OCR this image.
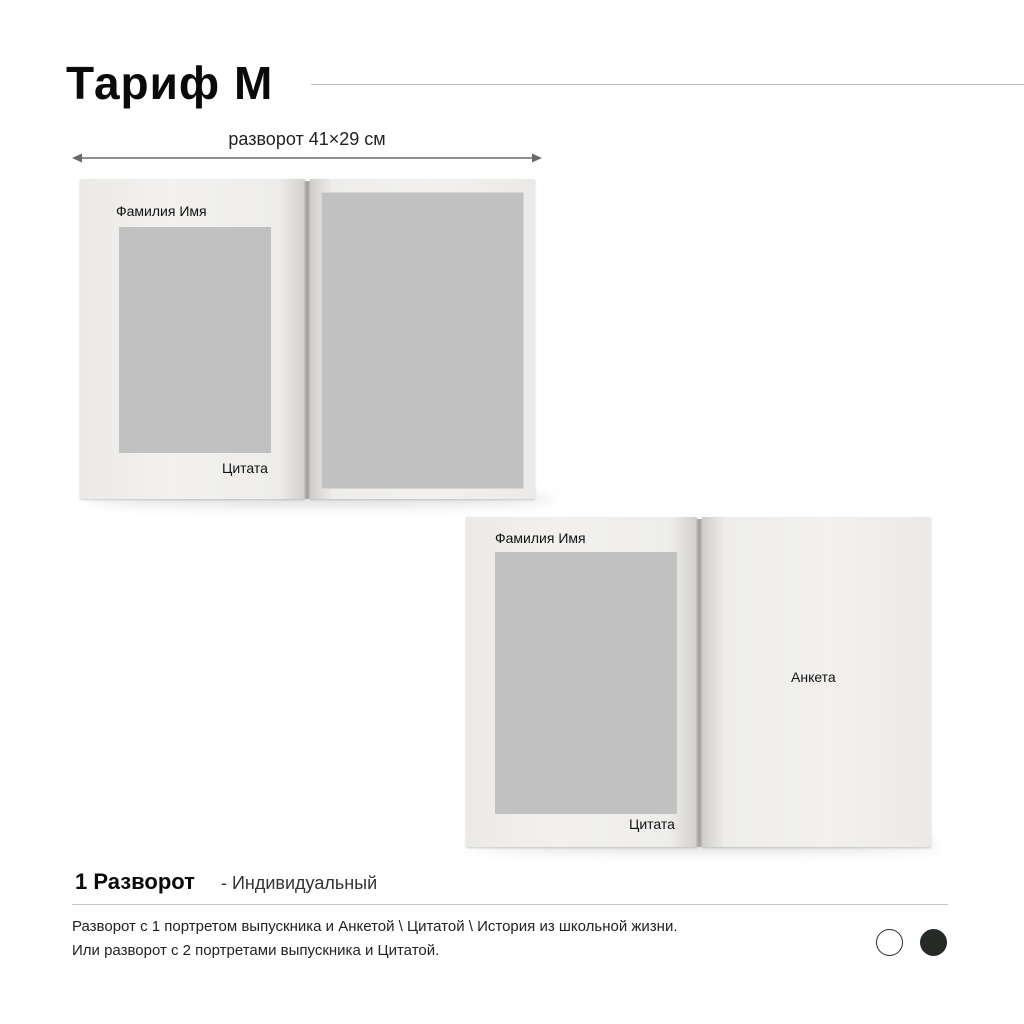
Тариф М
разворот 41×29 см
Фамилия Имя
Цитата
Фамилия Имя
Цитата
Анкета
1 Разворот - Индивидуальный
Разворот с 1 портретом выпускника и Анкетой \ Цитатой \ История из школьной жизни.
Или разворот с 2 портретами выпускника и Цитатой.
